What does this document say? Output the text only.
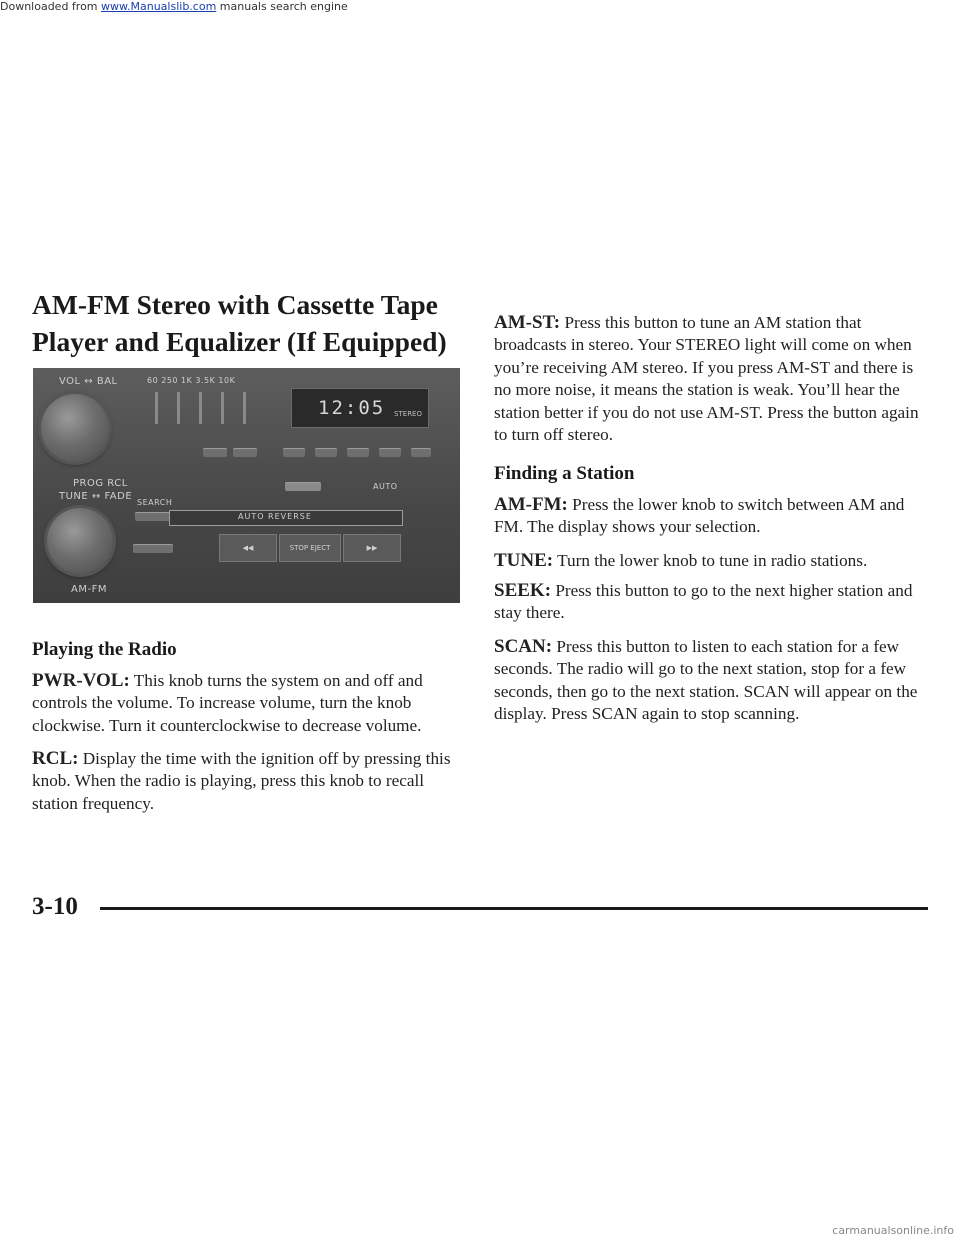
Downloaded from www.Manualslib.com manuals search engine
AM-FM Stereo with Cassette Tape Player and Equalizer (If Equipped)
VOL ↔ BAL
PROG RCL
TUNE ↔ FADE
AM-FM
60 250 1K 3.5K 10K
12:05 STEREO
AUTO
SEARCH
AUTO REVERSE
◀◀	STOP EJECT	▶▶
Playing the Radio

PWR-VOL: This knob turns the system on and off and controls the volume. To increase volume, turn the knob clockwise. Turn it counterclockwise to decrease volume.

RCL: Display the time with the ignition off by pressing this knob. When the radio is playing, press this knob to recall station frequency.

AM-ST: Press this button to tune an AM station that broadcasts in stereo. Your STEREO light will come on when you’re receiving AM stereo. If you press AM-ST and there is no more noise, it means the station is weak. You’ll hear the station better if you do not use AM-ST. Press the button again to turn off stereo.

Finding a Station

AM-FM: Press the lower knob to switch between AM and FM. The display shows your selection.

TUNE: Turn the lower knob to tune in radio stations.

SEEK: Press this button to go to the next higher station and stay there.

SCAN: Press this button to listen to each station for a few seconds. The radio will go to the next station, stop for a few seconds, then go to the next station. SCAN will appear on the display. Press SCAN again to stop scanning.

3-10
carmanualsonline.info
